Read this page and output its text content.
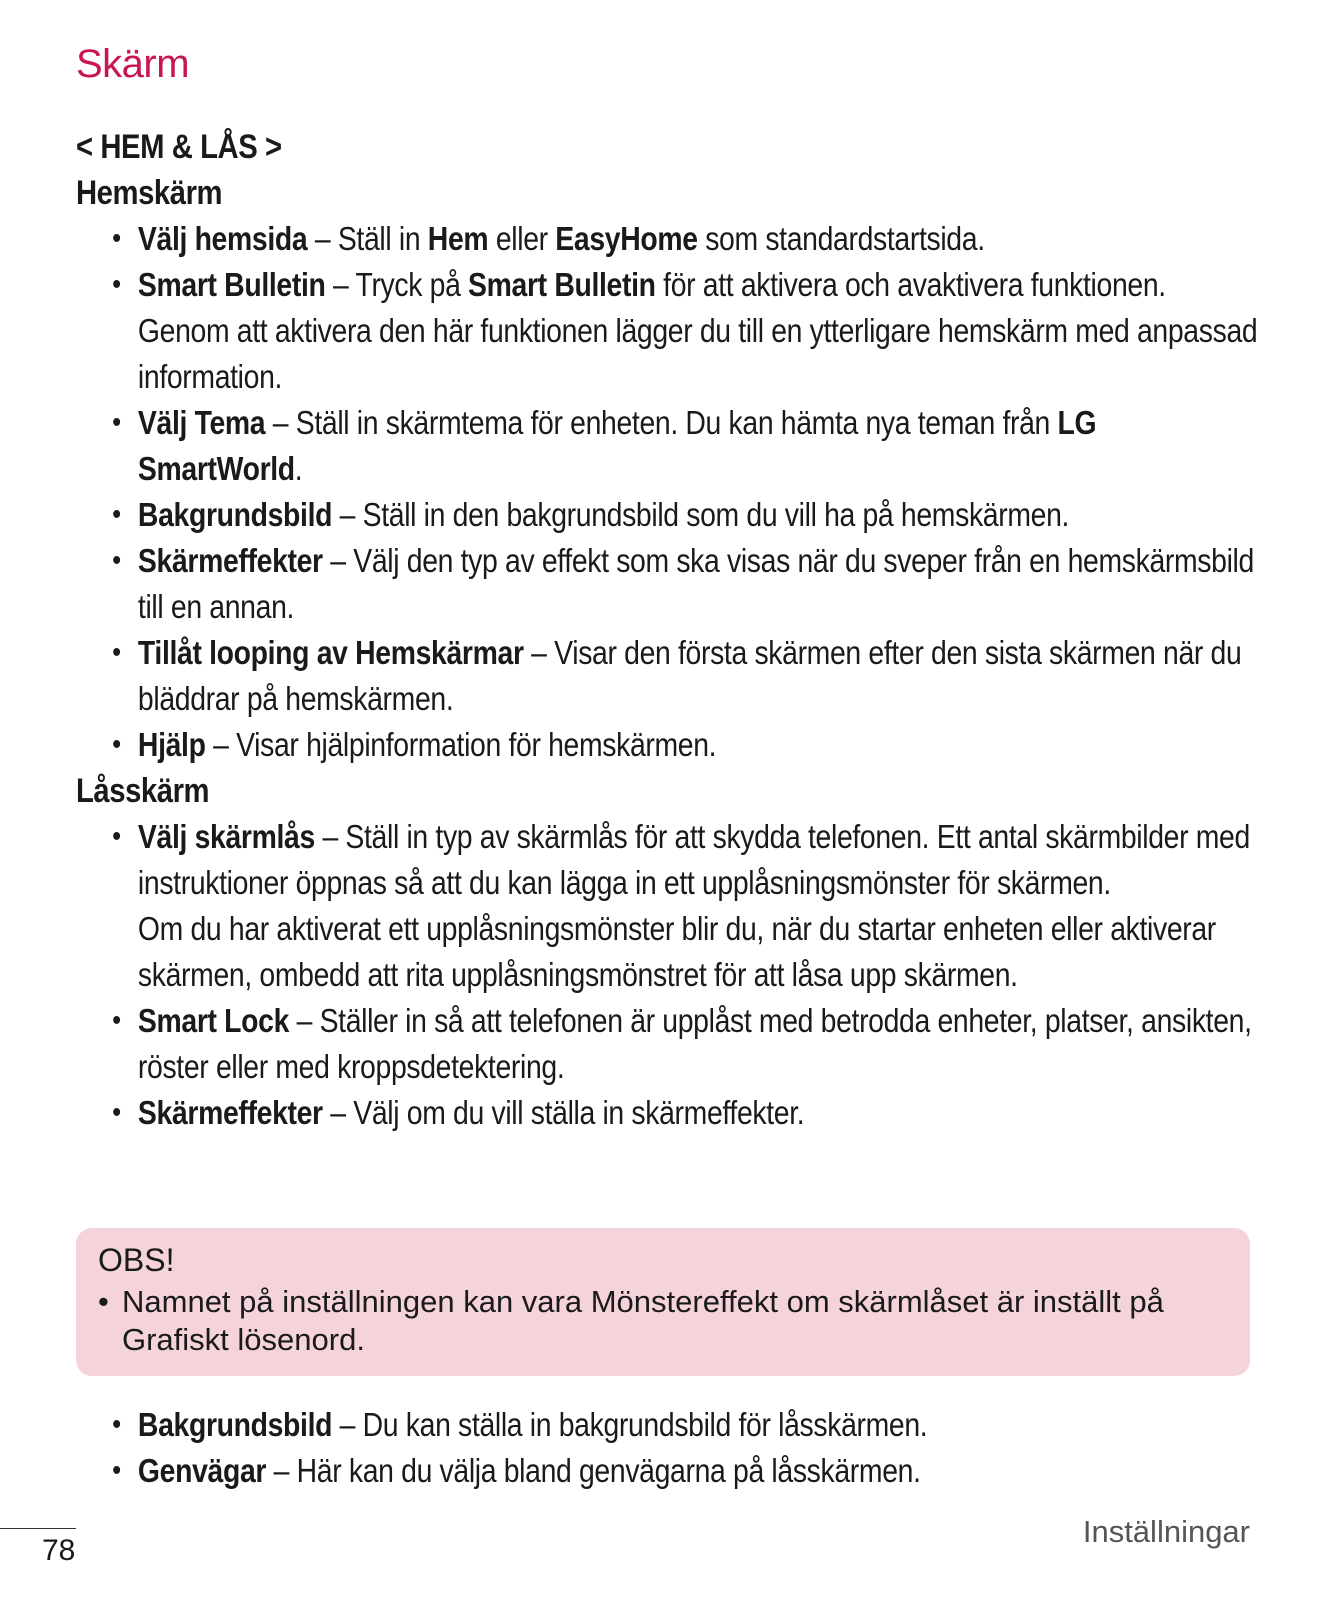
Skärm
< HEM & LÅS >
Hemskärm
• Välj hemsida – Ställ in Hem eller EasyHome som standardstartsida.
• Smart Bulletin – Tryck på Smart Bulletin för att aktivera och avaktivera funktionen. Genom att aktivera den här funktionen lägger du till en ytterligare hemskärm med anpassad information.
• Välj Tema – Ställ in skärmtema för enheten. Du kan hämta nya teman från LG SmartWorld.
• Bakgrundsbild – Ställ in den bakgrundsbild som du vill ha på hemskärmen.
• Skärmeffekter – Välj den typ av effekt som ska visas när du sveper från en hemskärmsbild till en annan.
• Tillåt looping av Hemskärmar – Visar den första skärmen efter den sista skärmen när du bläddrar på hemskärmen.
• Hjälp – Visar hjälpinformation för hemskärmen.
Låsskärm
• Välj skärmlås – Ställ in typ av skärmlås för att skydda telefonen. Ett antal skärmbilder med instruktioner öppnas så att du kan lägga in ett upplåsningsmönster för skärmen.
Om du har aktiverat ett upplåsningsmönster blir du, när du startar enheten eller aktiverar skärmen, ombedd att rita upplåsningsmönstret för att låsa upp skärmen.
• Smart Lock – Ställer in så att telefonen är upplåst med betrodda enheter, platser, ansikten, röster eller med kroppsdetektering.
• Skärmeffekter – Välj om du vill ställa in skärmeffekter.
OBS!
• Namnet på inställningen kan vara Mönstereffekt om skärmlåset är inställt på Grafiskt lösenord.
• Bakgrundsbild – Du kan ställa in bakgrundsbild för låsskärmen.
• Genvägar – Här kan du välja bland genvägarna på låsskärmen.
78
Inställningar
